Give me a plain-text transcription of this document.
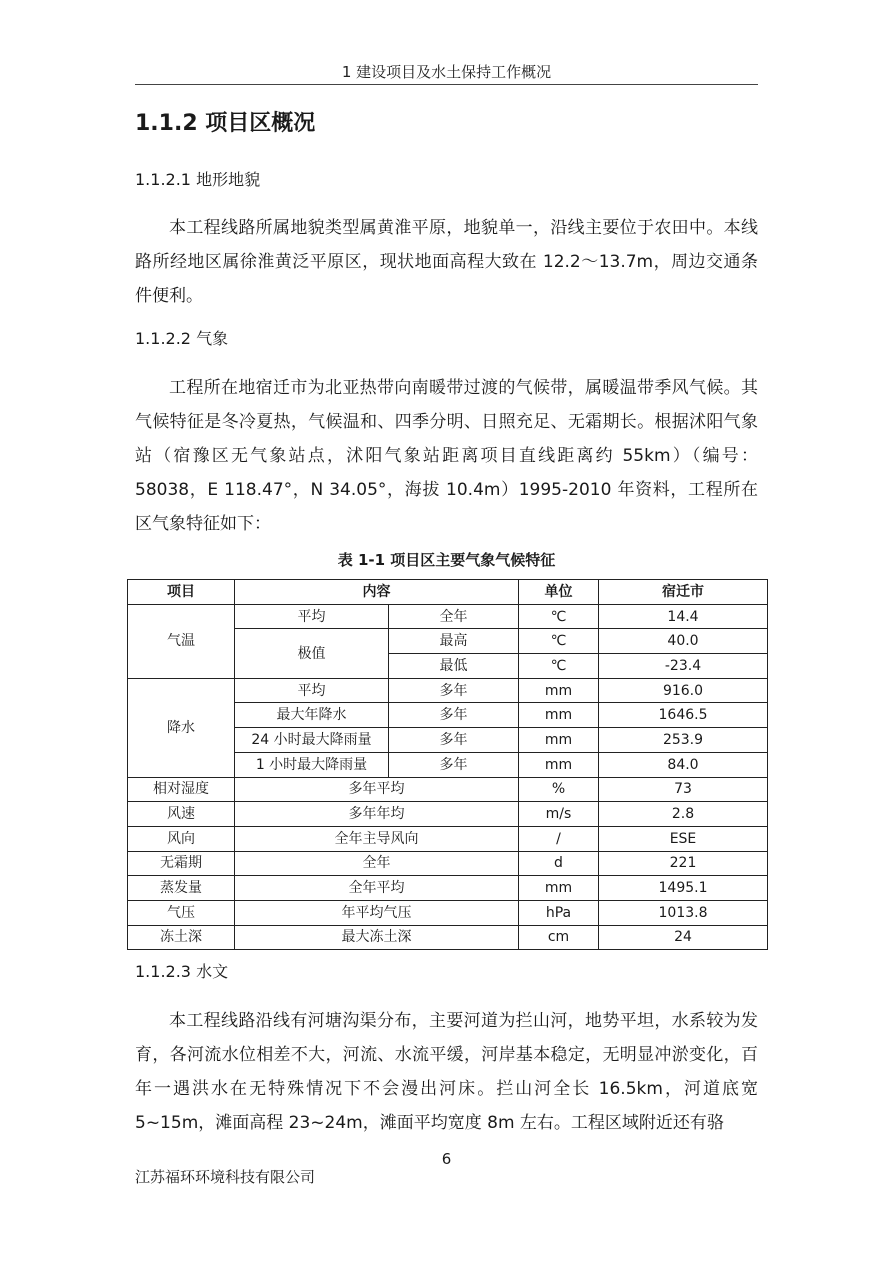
1 建设项目及水土保持工作概况
1.1.2 项目区概况
1.1.2.1 地形地貌

本工程线路所属地貌类型属黄淮平原，地貌单一，沿线主要位于农田中。本线路所经地区属徐淮黄泛平原区，现状地面高程大致在 12.2～13.7m，周边交通条件便利。

1.1.2.2 气象

工程所在地宿迁市为北亚热带向南暖带过渡的气候带，属暖温带季风气候。其气候特征是冬冷夏热，气候温和、四季分明、日照充足、无霜期长。根据沭阳气象站（宿豫区无气象站点，沭阳气象站距离项目直线距离约 55km）（编号：58038，E 118.47°，N 34.05°，海拔 10.4m）1995-2010 年资料，工程所在区气象特征如下：

表 1-1 项目区主要气象气候特征
项目	内容		单位	宿迁市
气温	平均	全年	℃	14.4
	极值	最高	℃	40.0
		最低	℃	-23.4
降水	平均	多年	mm	916.0
	最大年降水	多年	mm	1646.5
	24 小时最大降雨量	多年	mm	253.9
	1 小时最大降雨量	多年	mm	84.0
相对湿度	多年平均		%	73
风速	多年年均		m/s	2.8
风向	全年主导风向		/	ESE
无霜期	全年		d	221
蒸发量	全年平均		mm	1495.1
气压	年平均气压		hPa	1013.8
冻土深	最大冻土深		cm	24
1.1.2.3 水文

本工程线路沿线有河塘沟渠分布，主要河道为拦山河，地势平坦，水系较为发育，各河流水位相差不大，河流、水流平缓，河岸基本稳定，无明显冲淤变化，百年一遇洪水在无特殊情况下不会漫出河床。拦山河全长 16.5km，河道底宽 5~15m，滩面高程 23~24m，滩面平均宽度 8m 左右。工程区域附近还有骆

6
江苏福环环境科技有限公司
